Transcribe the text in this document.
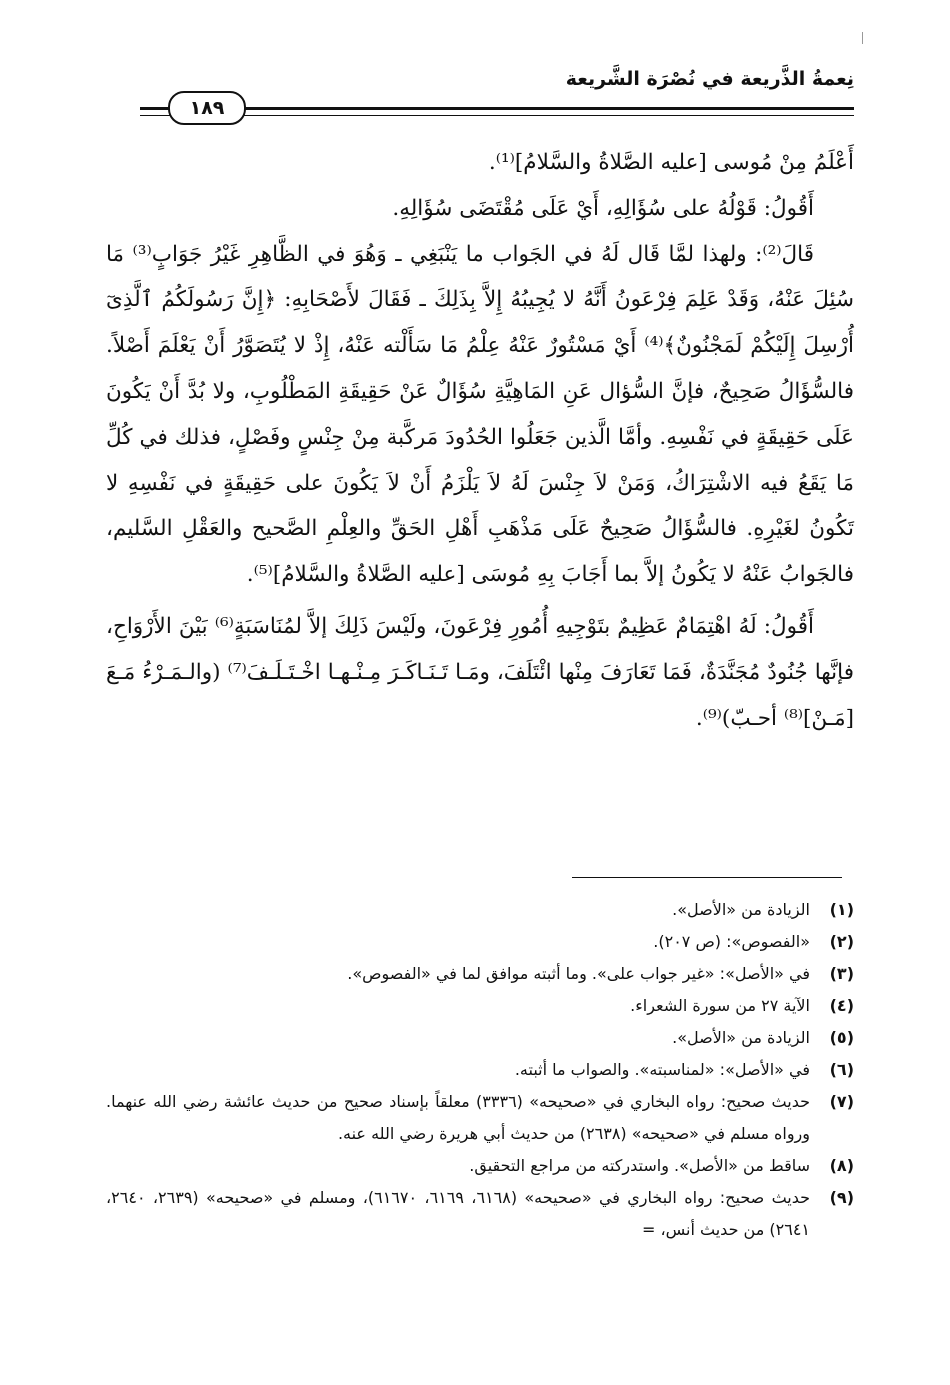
نِعمةُ الذَّريعة في نُصْرَة الشَّريعة
١٨٩

أَعْلَمُ مِنْ مُوسى [عليه الصَّلاةُ والسَّلامُ]⁽¹⁾.

أَقُولُ: قَوْلُهُ على سُؤَالِهِ، أَيْ عَلَى مُقْتَضَى سُؤَالِهِ.

قَالَ⁽²⁾: ولهذا لمَّا قَال لَهُ في الجَواب ما يَنْبَغِي ـ وَهُوَ في الظَّاهِرِ غَيْرُ جَوَابٍ⁽³⁾ مَا سُئِلَ عَنْهُ، وَقَدْ عَلِمَ فِرْعَونُ أَنَّهُ لا يُجِيبُهُ إِلاَّ بِذَلِكَ ـ فَقَالَ لأَصْحَابِهِ: ﴿إِنَّ رَسُولَكُمُ ٱلَّذِىٓ أُرْسِلَ إِلَيْكُمْ لَمَجْنُونٌ﴾⁽⁴⁾ أَيْ مَسْتُورٌ عَنْهُ عِلْمُ مَا سَأَلْته عَنْهُ، إِذْ لا يُتَصَوَّرُ أَنْ يَعْلَمَ أَصْلاً. فالسُّؤَالُ صَحِيحٌ، فإنَّ السُّؤال عَنِ المَاهِيَّةِ سُؤَالٌ عَنْ حَقِيقَةِ المَطْلُوبِ، ولا بُدَّ أَنْ يَكُونَ عَلَى حَقِيقَةٍ في نَفْسِهِ. وأمَّا الَّذين جَعَلُوا الحُدُودَ مَركَّبة مِنْ جِنْسٍ وفَصْلٍ، فذلك في كُلِّ مَا يَقَعُ فيه الاشْتِرَاكُ، وَمَنْ لاَ جِنْسَ لَهُ لاَ يَلْزَمُ أَنْ لاَ يَكُونَ على حَقِيقَةٍ في نَفْسِهِ لا تَكُونُ لغَيْرِهِ. فالسُّؤَالُ صَحِيحٌ عَلَى مَذْهَبِ أَهْلِ الحَقِّ والعِلْمِ الصَّحيح والعَقْلِ السَّليم، فالجَوابُ عَنْهُ لا يَكُونُ إلاَّ بما أَجَابَ بِهِ مُوسَى [عليه الصَّلاةُ والسَّلامُ]⁽⁵⁾.

أَقُولُ: لَهُ اهْتِمَامٌ عَظِيمٌ بتَوْجِيهِ أُمُورِ فِرْعَونَ، ولَيْسَ ذَلِكَ إلاَّ لمُنَاسَبَةٍ⁽⁶⁾ بَيْنَ الأَرْوَاحِ، فإنَّها جُنُودٌ مُجَنَّدَةٌ، فَمَا تَعَارَفَ مِنْها ائْتَلَفَ، ومَـا تَـنَـاكَـرَ مِـنْـهـا اخْـتَـلَـفَ⁽⁷⁾ (والـمَـرْءُ مَـعَ [مَـنْ]⁽⁸⁾ أحـبّ)⁽⁹⁾.

(١)
الزيادة من «الأصل».
(٢)
«الفصوص»: (ص ٢٠٧).
(٣)
في «الأصل»: «غير جواب على». وما أثبته موافق لما في «الفصوص».
(٤)
الآية ٢٧ من سورة الشعراء.
(٥)
الزيادة من «الأصل».
(٦)
في «الأصل»: «لمناسبته». والصواب ما أثبته.
(٧)
حديث صحيح: رواه البخاري في «صحيحه» (٣٣٣٦) معلقاً بإسناد صحيح من حديث عائشة رضي الله عنهما. ورواه مسلم في «صحيحه» (٢٦٣٨) من حديث أبي هريرة رضي الله عنه.
(٨)
ساقط من «الأصل». واستدركته من مراجع التحقيق.
(٩)
حديث صحيح: رواه البخاري في «صحيحه» (٦١٦٨، ٦١٦٩، ٦١٦٧٠)، ومسلم في «صحيحه» (٢٦٣٩، ٢٦٤٠، ٢٦٤١) من حديث أنس، =
